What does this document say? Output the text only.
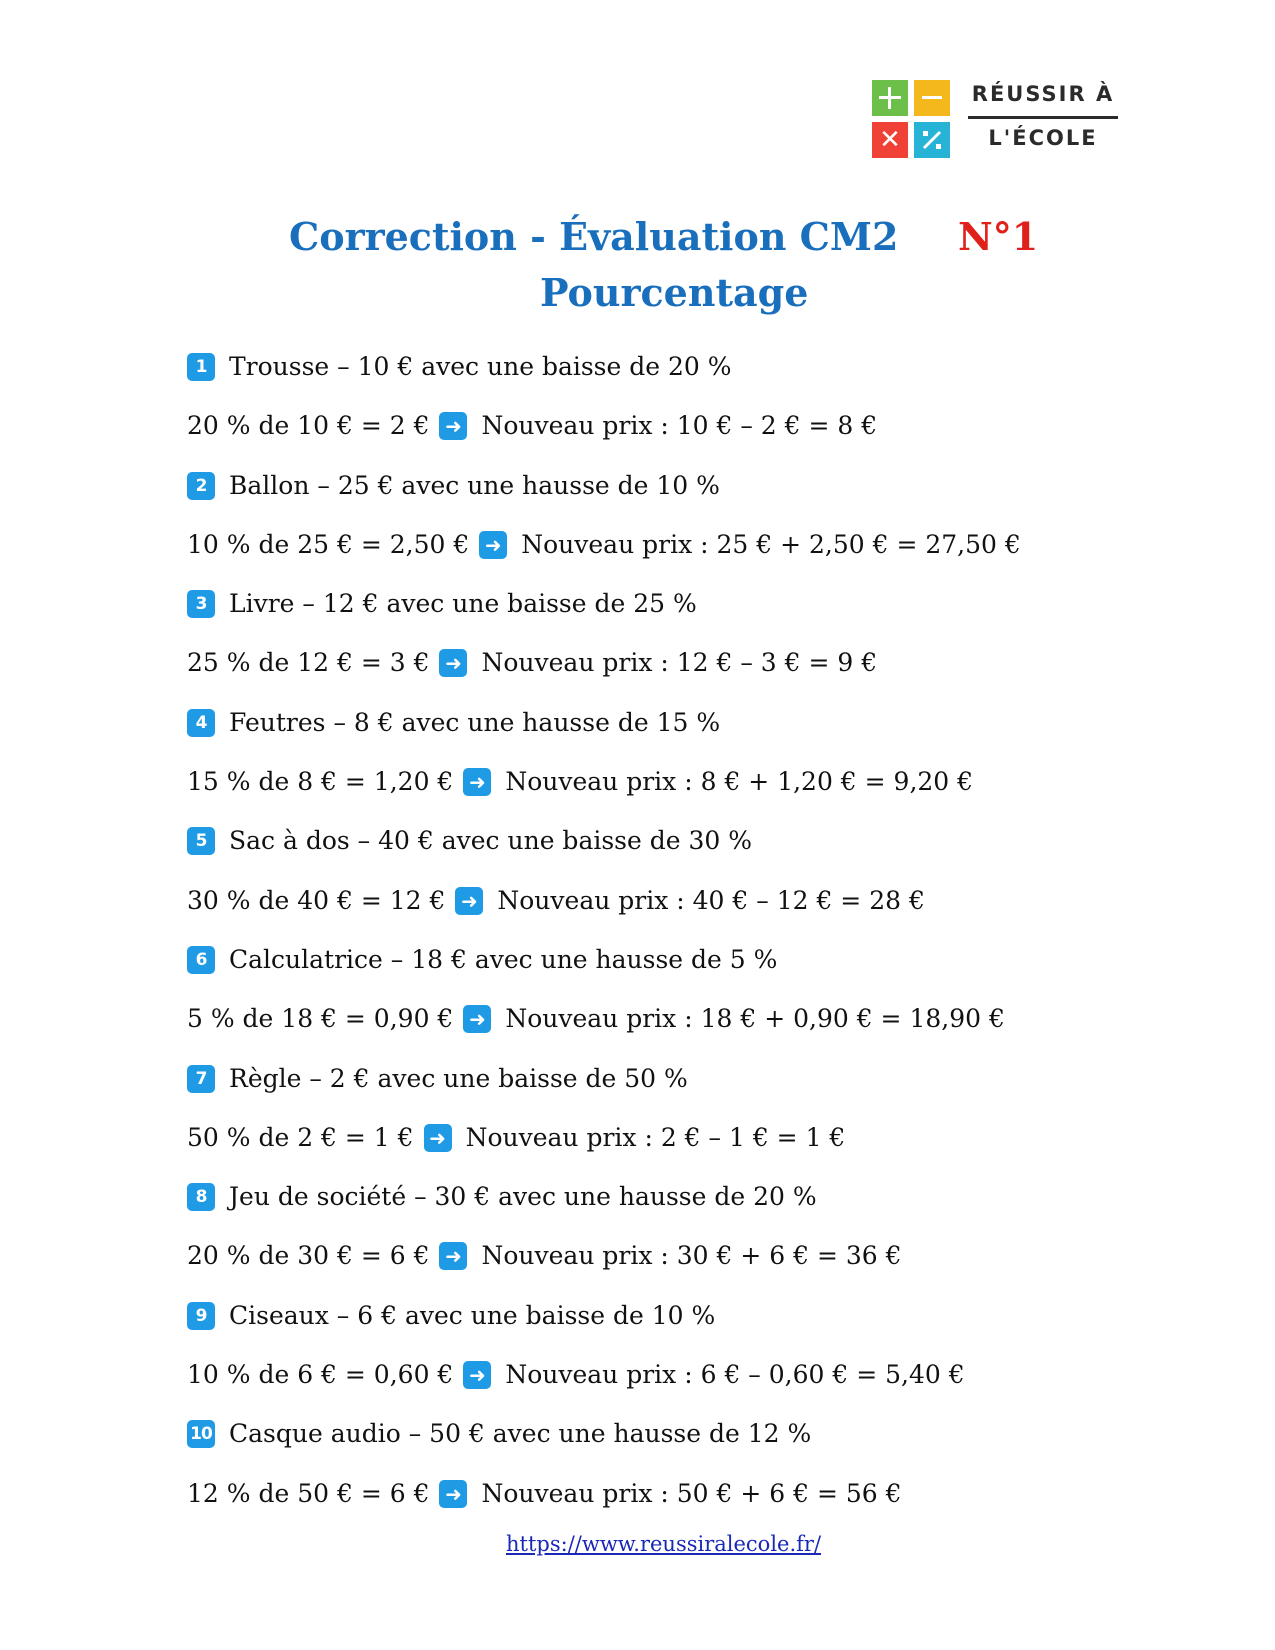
✕
RÉUSSIR À
L'ÉCOLE
Correction - Évaluation CM2
Pourcentage
N°1
1 Trousse – 10 € avec une baisse de 20 %
20 % de 10 € = 2 € ➜ Nouveau prix : 10 € – 2 € = 8 €
2 Ballon – 25 € avec une hausse de 10 %
10 % de 25 € = 2,50 € ➜ Nouveau prix : 25 € + 2,50 € = 27,50 €
3 Livre – 12 € avec une baisse de 25 %
25 % de 12 € = 3 € ➜ Nouveau prix : 12 € – 3 € = 9 €
4 Feutres – 8 € avec une hausse de 15 %
15 % de 8 € = 1,20 € ➜ Nouveau prix : 8 € + 1,20 € = 9,20 €
5 Sac à dos – 40 € avec une baisse de 30 %
30 % de 40 € = 12 € ➜ Nouveau prix : 40 € – 12 € = 28 €
6 Calculatrice – 18 € avec une hausse de 5 %
5 % de 18 € = 0,90 € ➜ Nouveau prix : 18 € + 0,90 € = 18,90 €
7 Règle – 2 € avec une baisse de 50 %
50 % de 2 € = 1 € ➜ Nouveau prix : 2 € – 1 € = 1 €
8 Jeu de société – 30 € avec une hausse de 20 %
20 % de 30 € = 6 € ➜ Nouveau prix : 30 € + 6 € = 36 €
9 Ciseaux – 6 € avec une baisse de 10 %
10 % de 6 € = 0,60 € ➜ Nouveau prix : 6 € – 0,60 € = 5,40 €
10 Casque audio – 50 € avec une hausse de 12 %
12 % de 50 € = 6 € ➜ Nouveau prix : 50 € + 6 € = 56 €
https://www.reussiralecole.fr/
